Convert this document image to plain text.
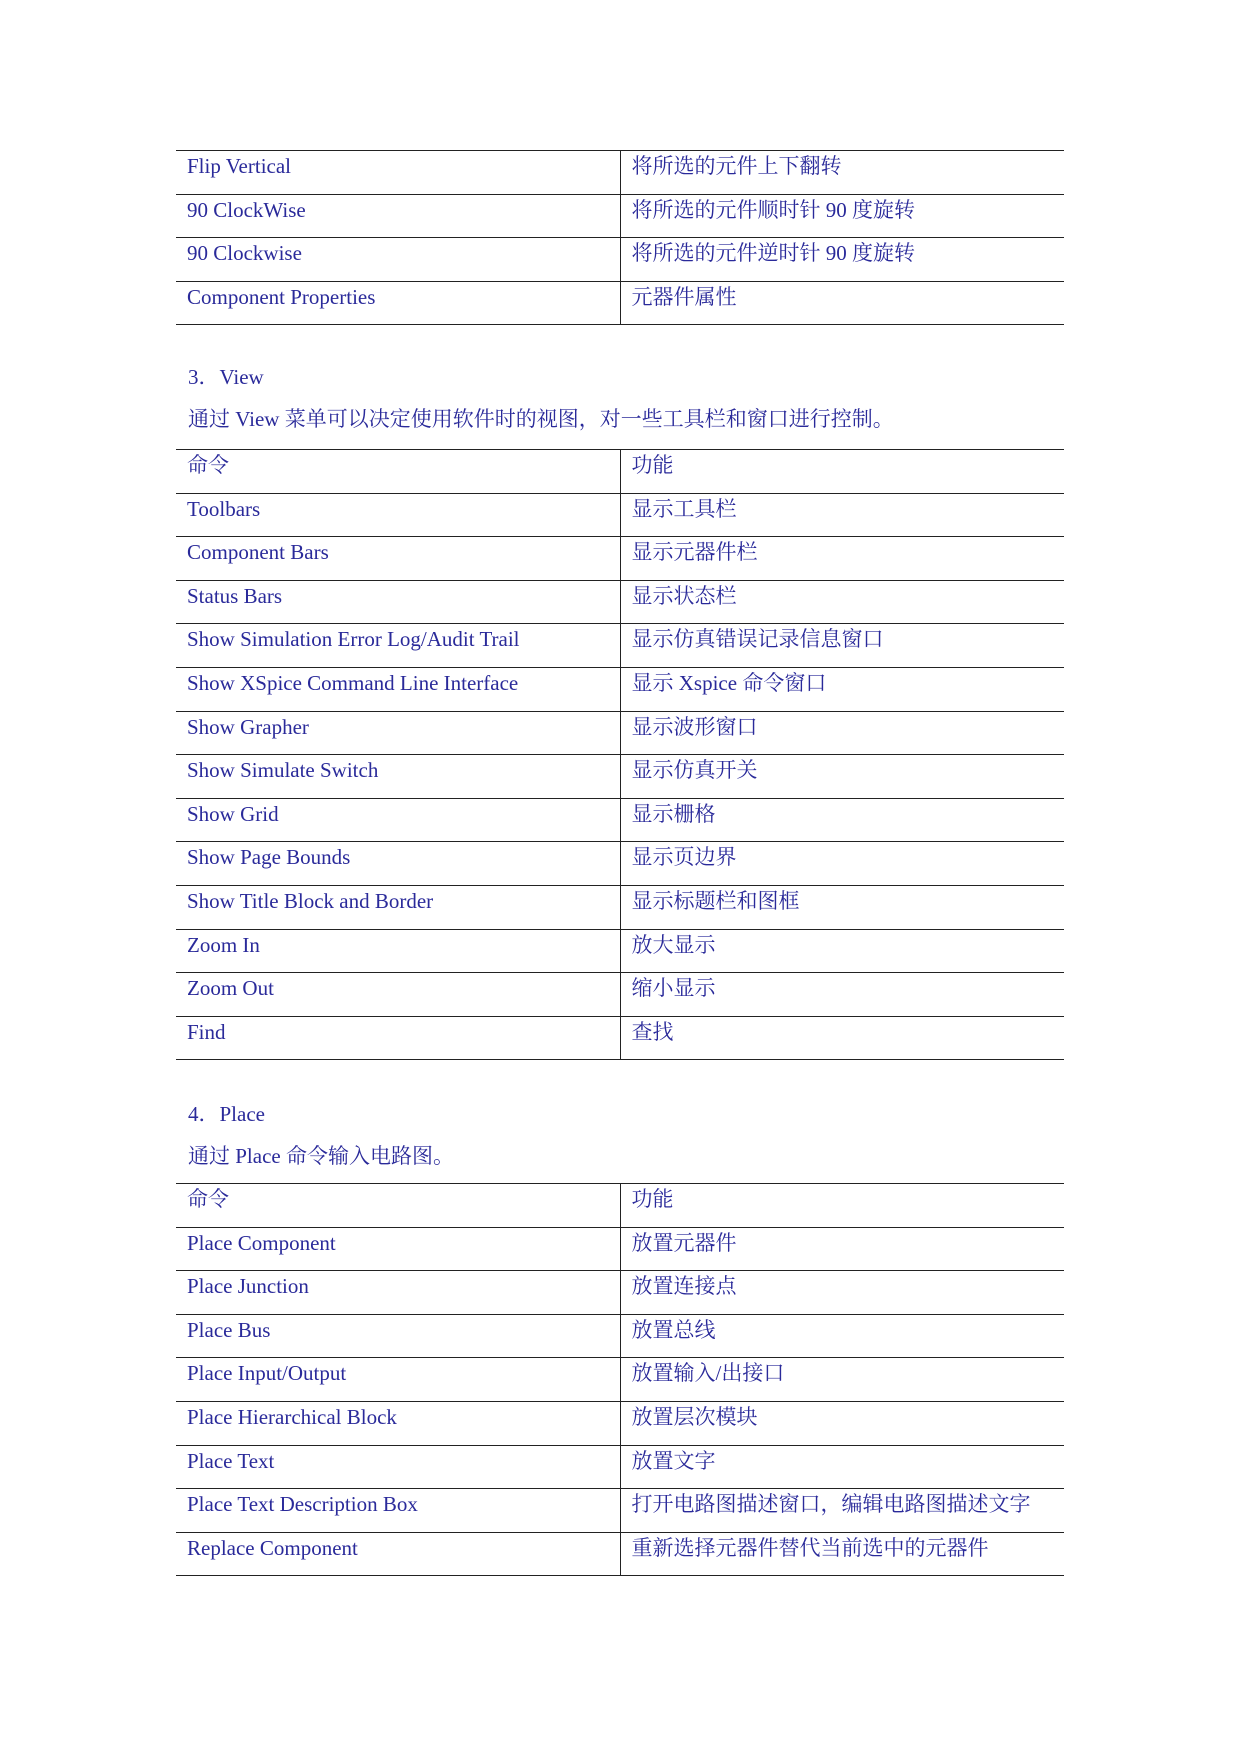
Flip Vertical	将所选的元件上下翻转
90 ClockWise	将所选的元件顺时针 90 度旋转
90 Clockwise	将所选的元件逆时针 90 度旋转
Component Properties	元器件属性
3．View
通过 View 菜单可以决定使用软件时的视图，对一些工具栏和窗口进行控制。
命令	功能
Toolbars	显示工具栏
Component Bars	显示元器件栏
Status Bars	显示状态栏
Show Simulation Error Log/Audit Trail	显示仿真错误记录信息窗口
Show XSpice Command Line Interface	显示 Xspice 命令窗口
Show Grapher	显示波形窗口
Show Simulate Switch	显示仿真开关
Show Grid	显示栅格
Show Page Bounds	显示页边界
Show Title Block and Border	显示标题栏和图框
Zoom In	放大显示
Zoom Out	缩小显示
Find	查找
4．Place
通过 Place 命令输入电路图。
命令	功能
Place Component	放置元器件
Place Junction	放置连接点
Place Bus	放置总线
Place Input/Output	放置输入/出接口
Place Hierarchical Block	放置层次模块
Place Text	放置文字
Place Text Description Box	打开电路图描述窗口，编辑电路图描述文字
Replace Component	重新选择元器件替代当前选中的元器件
